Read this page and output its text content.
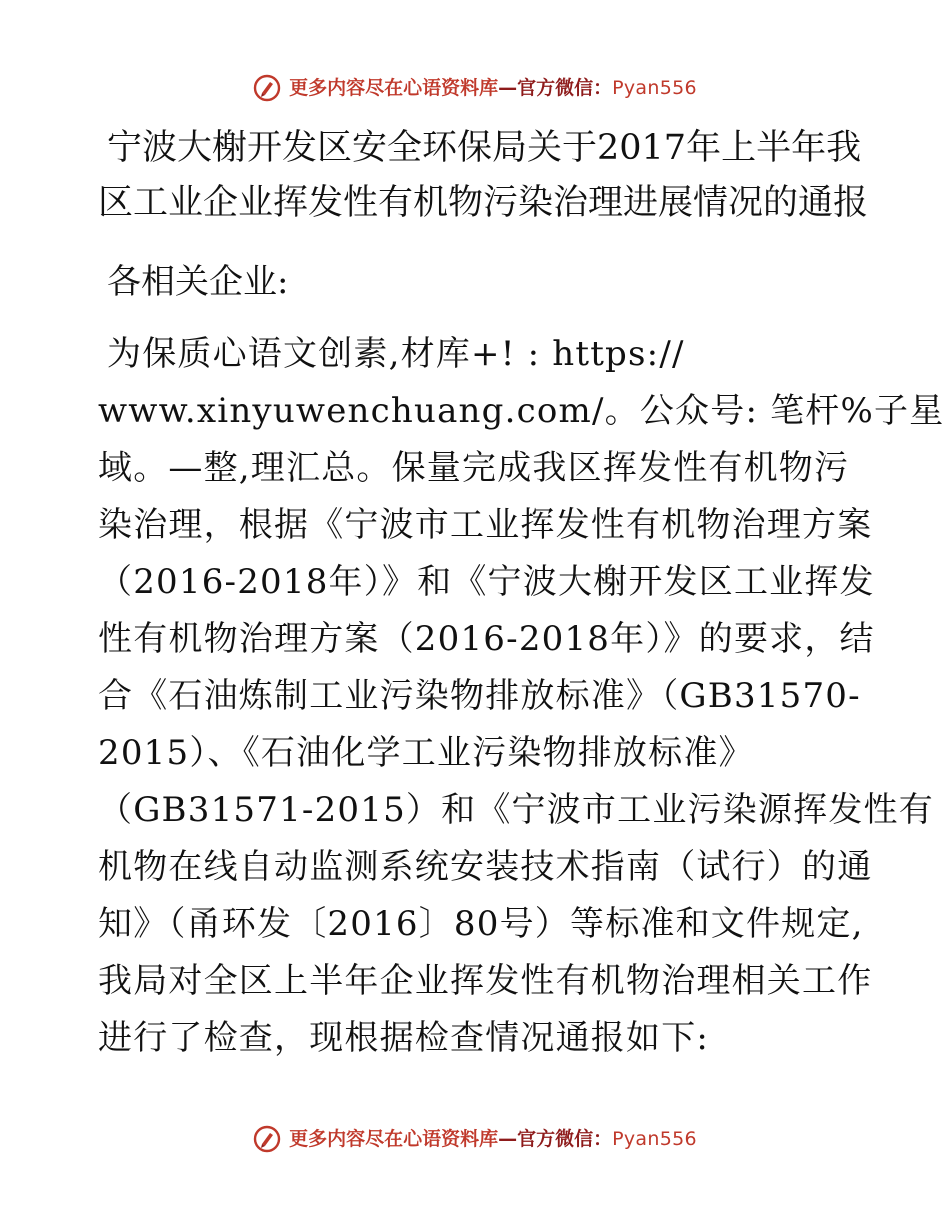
更多内容尽在心语资料库 —官方微信： Pyan556
宁波大榭开发区安全环保局关于2017年上半年我
区工业企业挥发性有机物污染治理进展情况的通报

各相关企业:

为保质心语文创素,材库+! : https://
www.xinyuwenchuang.com/。公众号: 笔杆%子星
域。—整,理汇总。保量完成我区挥发性有机物污
染治理，根据《宁波市工业挥发性有机物治理方案
（2016-2018年）》和《宁波大榭开发区工业挥发
性有机物治理方案（2016-2018年）》的要求，结
合《石油炼制工业污染物排放标准》（GB31570-
2015）、《石油化学工业污染物排放标准》
（GB31571-2015）和《宁波市工业污染源挥发性有
机物在线自动监测系统安装技术指南（试行）的通
知》（甬环发〔2016〕80号）等标准和文件规定,
我局对全区上半年企业挥发性有机物治理相关工作
进行了检查，现根据检查情况通报如下:
更多内容尽在心语资料库 —官方微信： Pyan556
